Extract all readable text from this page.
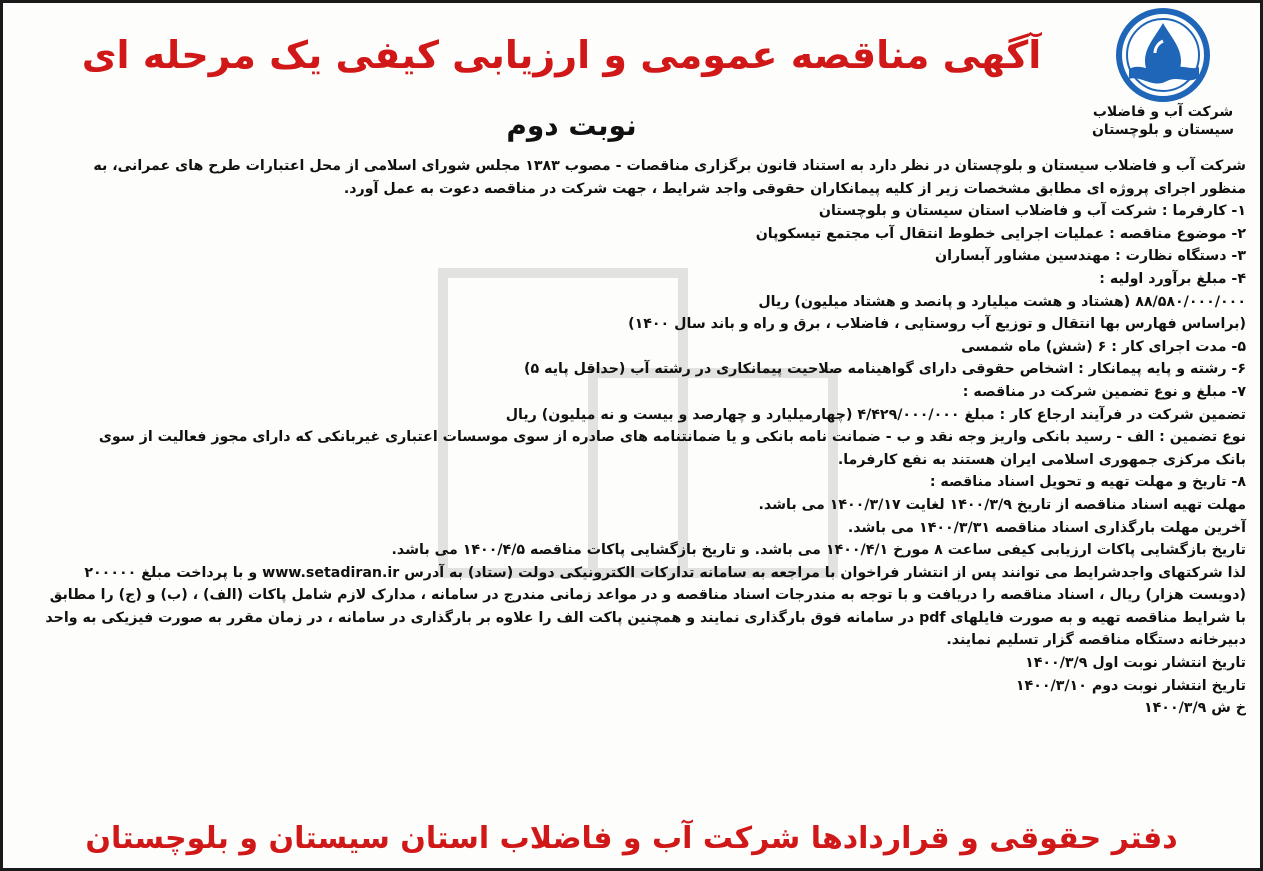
شرکت آب و فاضلاب
سیستان و بلوچستان
آگهی مناقصه عمومی و ارزیابی کیفی یک مرحله ای
نوبت دوم

شرکت آب و فاضلاب سیستان و بلوچستان در نظر دارد به استناد قانون برگزاری مناقصات - مصوب ۱۳۸۳ مجلس شورای اسلامی از محل اعتبارات طرح های عمرانی، به

منظور اجرای پروژه ای مطابق مشخصات زیر از کلیه پیمانکاران حقوقی واجد شرایط ، جهت شرکت در مناقصه دعوت به عمل آورد.

۱- کارفرما : شرکت آب و فاضلاب استان سیستان و بلوچستان

۲- موضوع مناقصه : عملیات اجرایی خطوط انتقال آب مجتمع تیسکوپان

۳- دستگاه نظارت : مهندسین مشاور آبساران

۴- مبلغ برآورد اولیه :

۸۸/۵۸۰/۰۰۰/۰۰۰ (هشتاد و هشت میلیارد و پانصد و هشتاد میلیون) ریال

(براساس فهارس بها انتقال و توزیع آب روستایی ، فاضلاب ، برق و راه و باند سال ۱۴۰۰)

۵- مدت اجرای کار : ۶ (شش) ماه شمسی

۶- رشته و پایه پیمانکار : اشخاص حقوقی دارای گواهینامه صلاحیت پیمانکاری در رشته آب (حداقل پایه ۵)

۷- مبلغ و نوع تضمین شرکت در مناقصه :

تضمین شرکت در فرآیند ارجاع کار : مبلغ ۴/۴۲۹/۰۰۰/۰۰۰ (چهارمیلیارد و چهارصد و بیست و نه میلیون) ریال

نوع تضمین : الف - رسید بانکی واریز وجه نقد و ب - ضمانت نامه بانکی و یا ضمانتنامه های صادره از سوی موسسات اعتباری غیربانکی که دارای مجوز فعالیت از سوی

بانک مرکزی جمهوری اسلامی ایران هستند به نفع کارفرما.

۸- تاریخ و مهلت تهیه و تحویل اسناد مناقصه :

مهلت تهیه اسناد مناقصه از تاریخ ۱۴۰۰/۳/۹ لغایت ۱۴۰۰/۳/۱۷ می باشد.

آخرین مهلت بارگذاری اسناد مناقصه ۱۴۰۰/۳/۳۱ می باشد.

تاریخ بازگشایی پاکات ارزیابی کیفی ساعت ۸ مورخ ۱۴۰۰/۴/۱ می باشد. و تاریخ بازگشایی پاکات مناقصه ۱۴۰۰/۴/۵ می باشد.

لذا شرکتهای واجدشرایط می توانند پس از انتشار فراخوان با مراجعه به سامانه تدارکات الکترونیکی دولت (ستاد) به آدرس www.setadiran.ir و با پرداخت مبلغ ۲۰۰۰۰۰

(دویست هزار) ریال ، اسناد مناقصه را دریافت و با توجه به مندرجات اسناد مناقصه و در مواعد زمانی مندرج در سامانه ، مدارک لازم شامل پاکات (الف) ، (ب) و (ج) را مطابق

با شرایط مناقصه تهیه و به صورت فایلهای pdf در سامانه فوق بارگذاری نمایند و همچنین پاکت الف را علاوه بر بارگذاری در سامانه ، در زمان مقرر به صورت فیزیکی به واحد

دبیرخانه دستگاه مناقصه گزار تسلیم نمایند.

تاریخ انتشار نوبت اول ۱۴۰۰/۳/۹

تاریخ انتشار نوبت دوم ۱۴۰۰/۳/۱۰

خ ش ۱۴۰۰/۳/۹

دفتر حقوقی و قراردادها شرکت آب و فاضلاب استان سیستان و بلوچستان
